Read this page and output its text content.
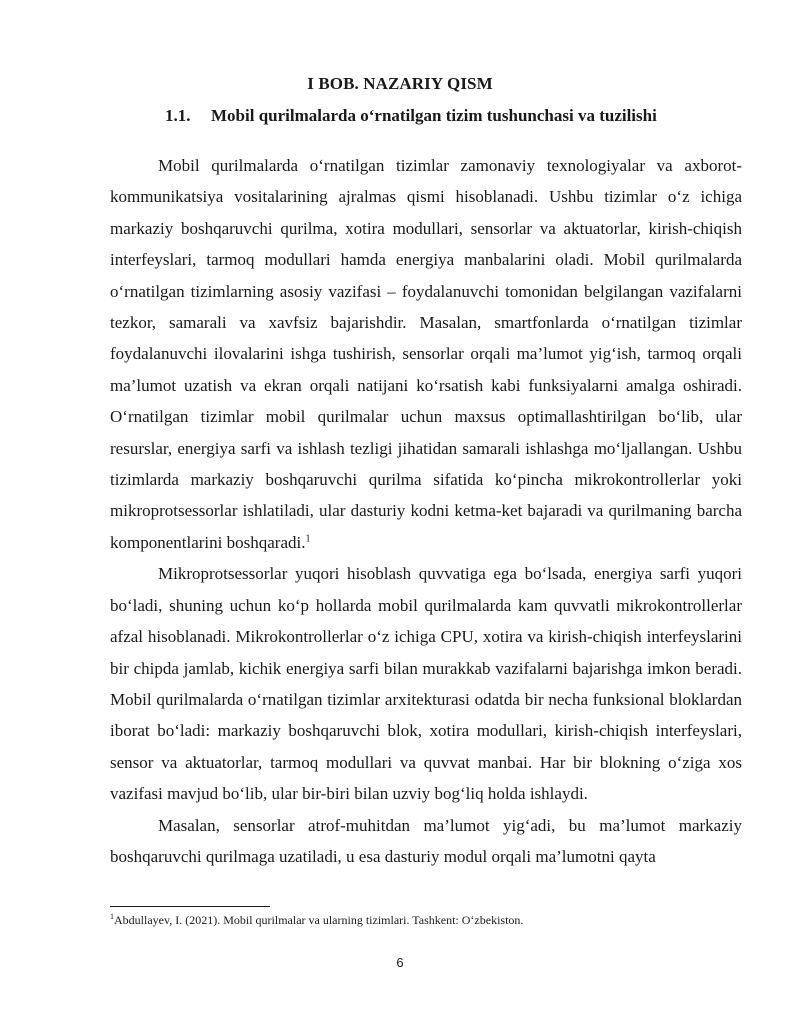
I BOB. NAZARIY QISM
1.1. Mobil qurilmalarda o‘rnatilgan tizim tushunchasi va tuzilishi

Mobil qurilmalarda o‘rnatilgan tizimlar zamonaviy texnologiyalar va axborot-kommunikatsiya vositalarining ajralmas qismi hisoblanadi. Ushbu tizimlar o‘z ichiga markaziy boshqaruvchi qurilma, xotira modullari, sensorlar va aktuatorlar, kirish-chiqish interfeyslari, tarmoq modullari hamda energiya manbalarini oladi. Mobil qurilmalarda o‘rnatilgan tizimlarning asosiy vazifasi – foydalanuvchi tomonidan belgilangan vazifalarni tezkor, samarali va xavfsiz bajarishdir. Masalan, smartfonlarda o‘rnatilgan tizimlar foydalanuvchi ilovalarini ishga tushirish, sensorlar orqali ma’lumot yig‘ish, tarmoq orqali ma’lumot uzatish va ekran orqali natijani ko‘rsatish kabi funksiyalarni amalga oshiradi. O‘rnatilgan tizimlar mobil qurilmalar uchun maxsus optimallashtirilgan bo‘lib, ular resurslar, energiya sarfi va ishlash tezligi jihatidan samarali ishlashga mo‘ljallangan. Ushbu tizimlarda markaziy boshqaruvchi qurilma sifatida ko‘pincha mikrokontrollerlar yoki mikroprotsessorlar ishlatiladi, ular dasturiy kodni ketma-ket bajaradi va qurilmaning barcha komponentlarini boshqaradi.$^1$

Mikroprotsessorlar yuqori hisoblash quvvatiga ega bo‘lsada, energiya sarfi yuqori bo‘ladi, shuning uchun ko‘p hollarda mobil qurilmalarda kam quvvatli mikrokontrollerlar afzal hisoblanadi. Mikrokontrollerlar o‘z ichiga CPU, xotira va kirish-chiqish interfeyslarini bir chipda jamlab, kichik energiya sarfi bilan murakkab vazifalarni bajarishga imkon beradi. Mobil qurilmalarda o‘rnatilgan tizimlar arxitekturasi odatda bir necha funksional bloklardan iborat bo‘ladi: markaziy boshqaruvchi blok, xotira modullari, kirish-chiqish interfeyslari, sensor va aktuatorlar, tarmoq modullari va quvvat manbai. Har bir blokning o‘ziga xos vazifasi mavjud bo‘lib, ular bir-biri bilan uzviy bog‘liq holda ishlaydi.

Masalan, sensorlar atrof-muhitdan ma’lumot yig‘adi, bu ma’lumot markaziy boshqaruvchi qurilmaga uzatiladi, u esa dasturiy modul orqali ma’lumotni qayta

$^1$Abdullayev, I. (2021). Mobil qurilmalar va ularning tizimlari. Tashkent: O‘zbekiston.

6
